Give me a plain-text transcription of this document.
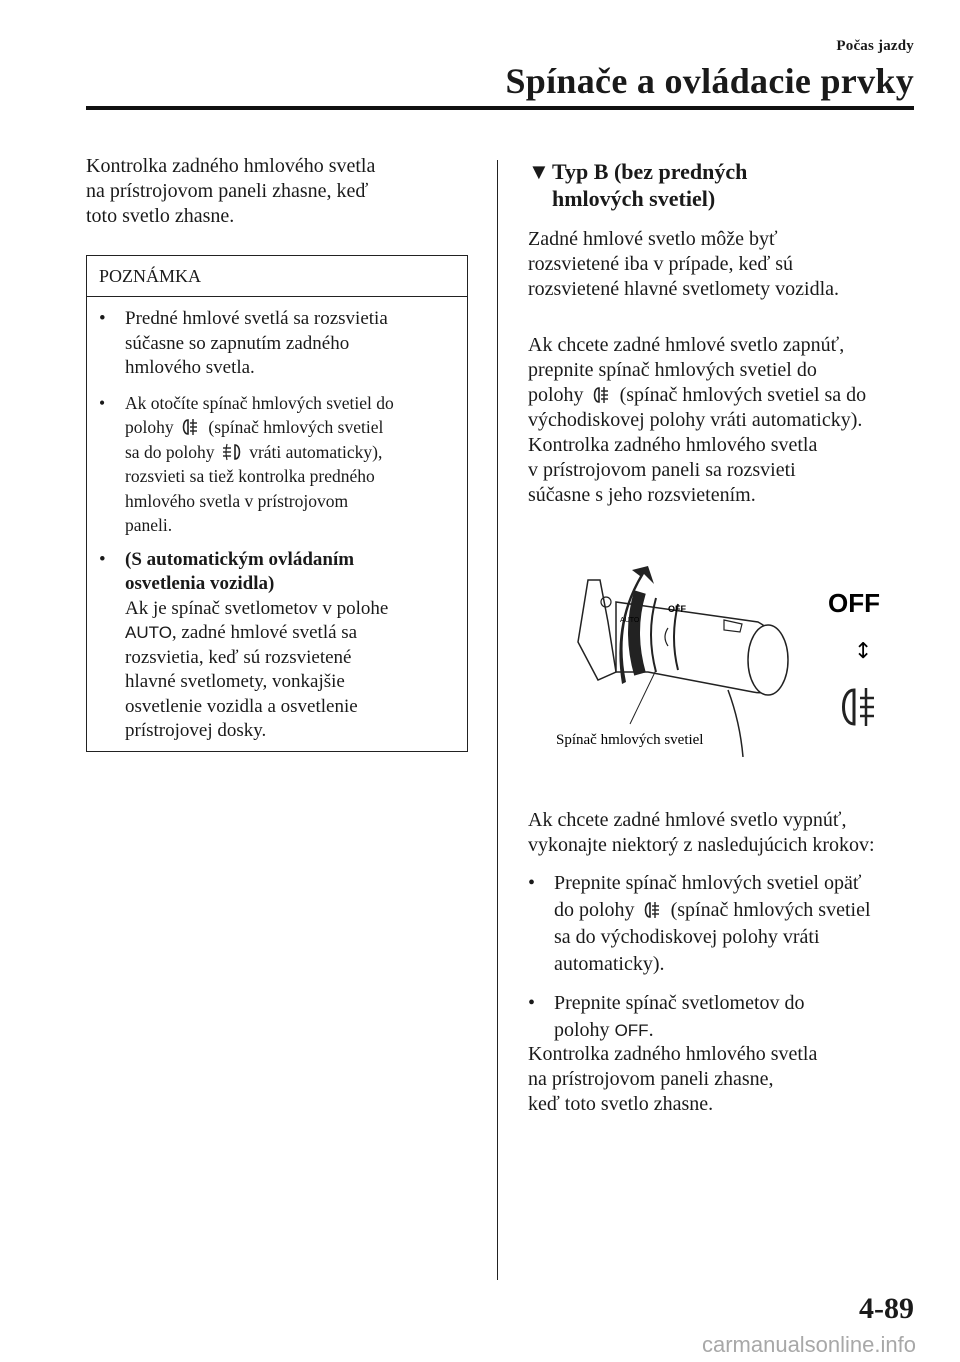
Počas jazdy
Spínače a ovládacie prvky

Kontrolka zadného hmlového svetla

na prístrojovom paneli zhasne, keď

toto svetlo zhasne.

POZNÁMKA
• Predné hmlové svetlá sa rozsvietia
súčasne so zapnutím zadného
hmlového svetla.
• Ak otočíte spínač hmlových svetiel do
polohy (spínač hmlových svetiel
sa do polohy vráti automaticky),
rozsvieti sa tiež kontrolka predného
hmlového svetla v prístrojovom
paneli.
• (S automatickým ovládaním
osvetlenia vozidla)
Ak je spínač svetlometov v polohe
AUTO, zadné hmlové svetlá sa
rozsvietia, keď sú rozsvietené
hlavné svetlomety, vonkajšie
osvetlenie vozidla a osvetlenie
prístrojovej dosky.
▼ Typ B (bez predných
hmlových svetiel)

Zadné hmlové svetlo môže byť

rozsvietené iba v prípade, keď sú

rozsvietené hlavné svetlomety vozidla.

Ak chcete zadné hmlové svetlo zapnúť,

prepnite spínač hmlových svetiel do

polohy (spínač hmlových svetiel sa do

východiskovej polohy vráti automaticky).

Kontrolka zadného hmlového svetla

v prístrojovom paneli sa rozsvieti

súčasne s jeho rozsvietením.

OFF
AUTO
OFF
↕
Spínač hmlových svetiel

Ak chcete zadné hmlové svetlo vypnúť,

vykonajte niektorý z nasledujúcich krokov:

• Prepnite spínač hmlových svetiel opäť
do polohy (spínač hmlových svetiel
sa do východiskovej polohy vráti
automaticky).
• Prepnite spínač svetlometov do
polohy OFF.

Kontrolka zadného hmlového svetla

na prístrojovom paneli zhasne,

keď toto svetlo zhasne.

4-89
carmanualsonline.info
